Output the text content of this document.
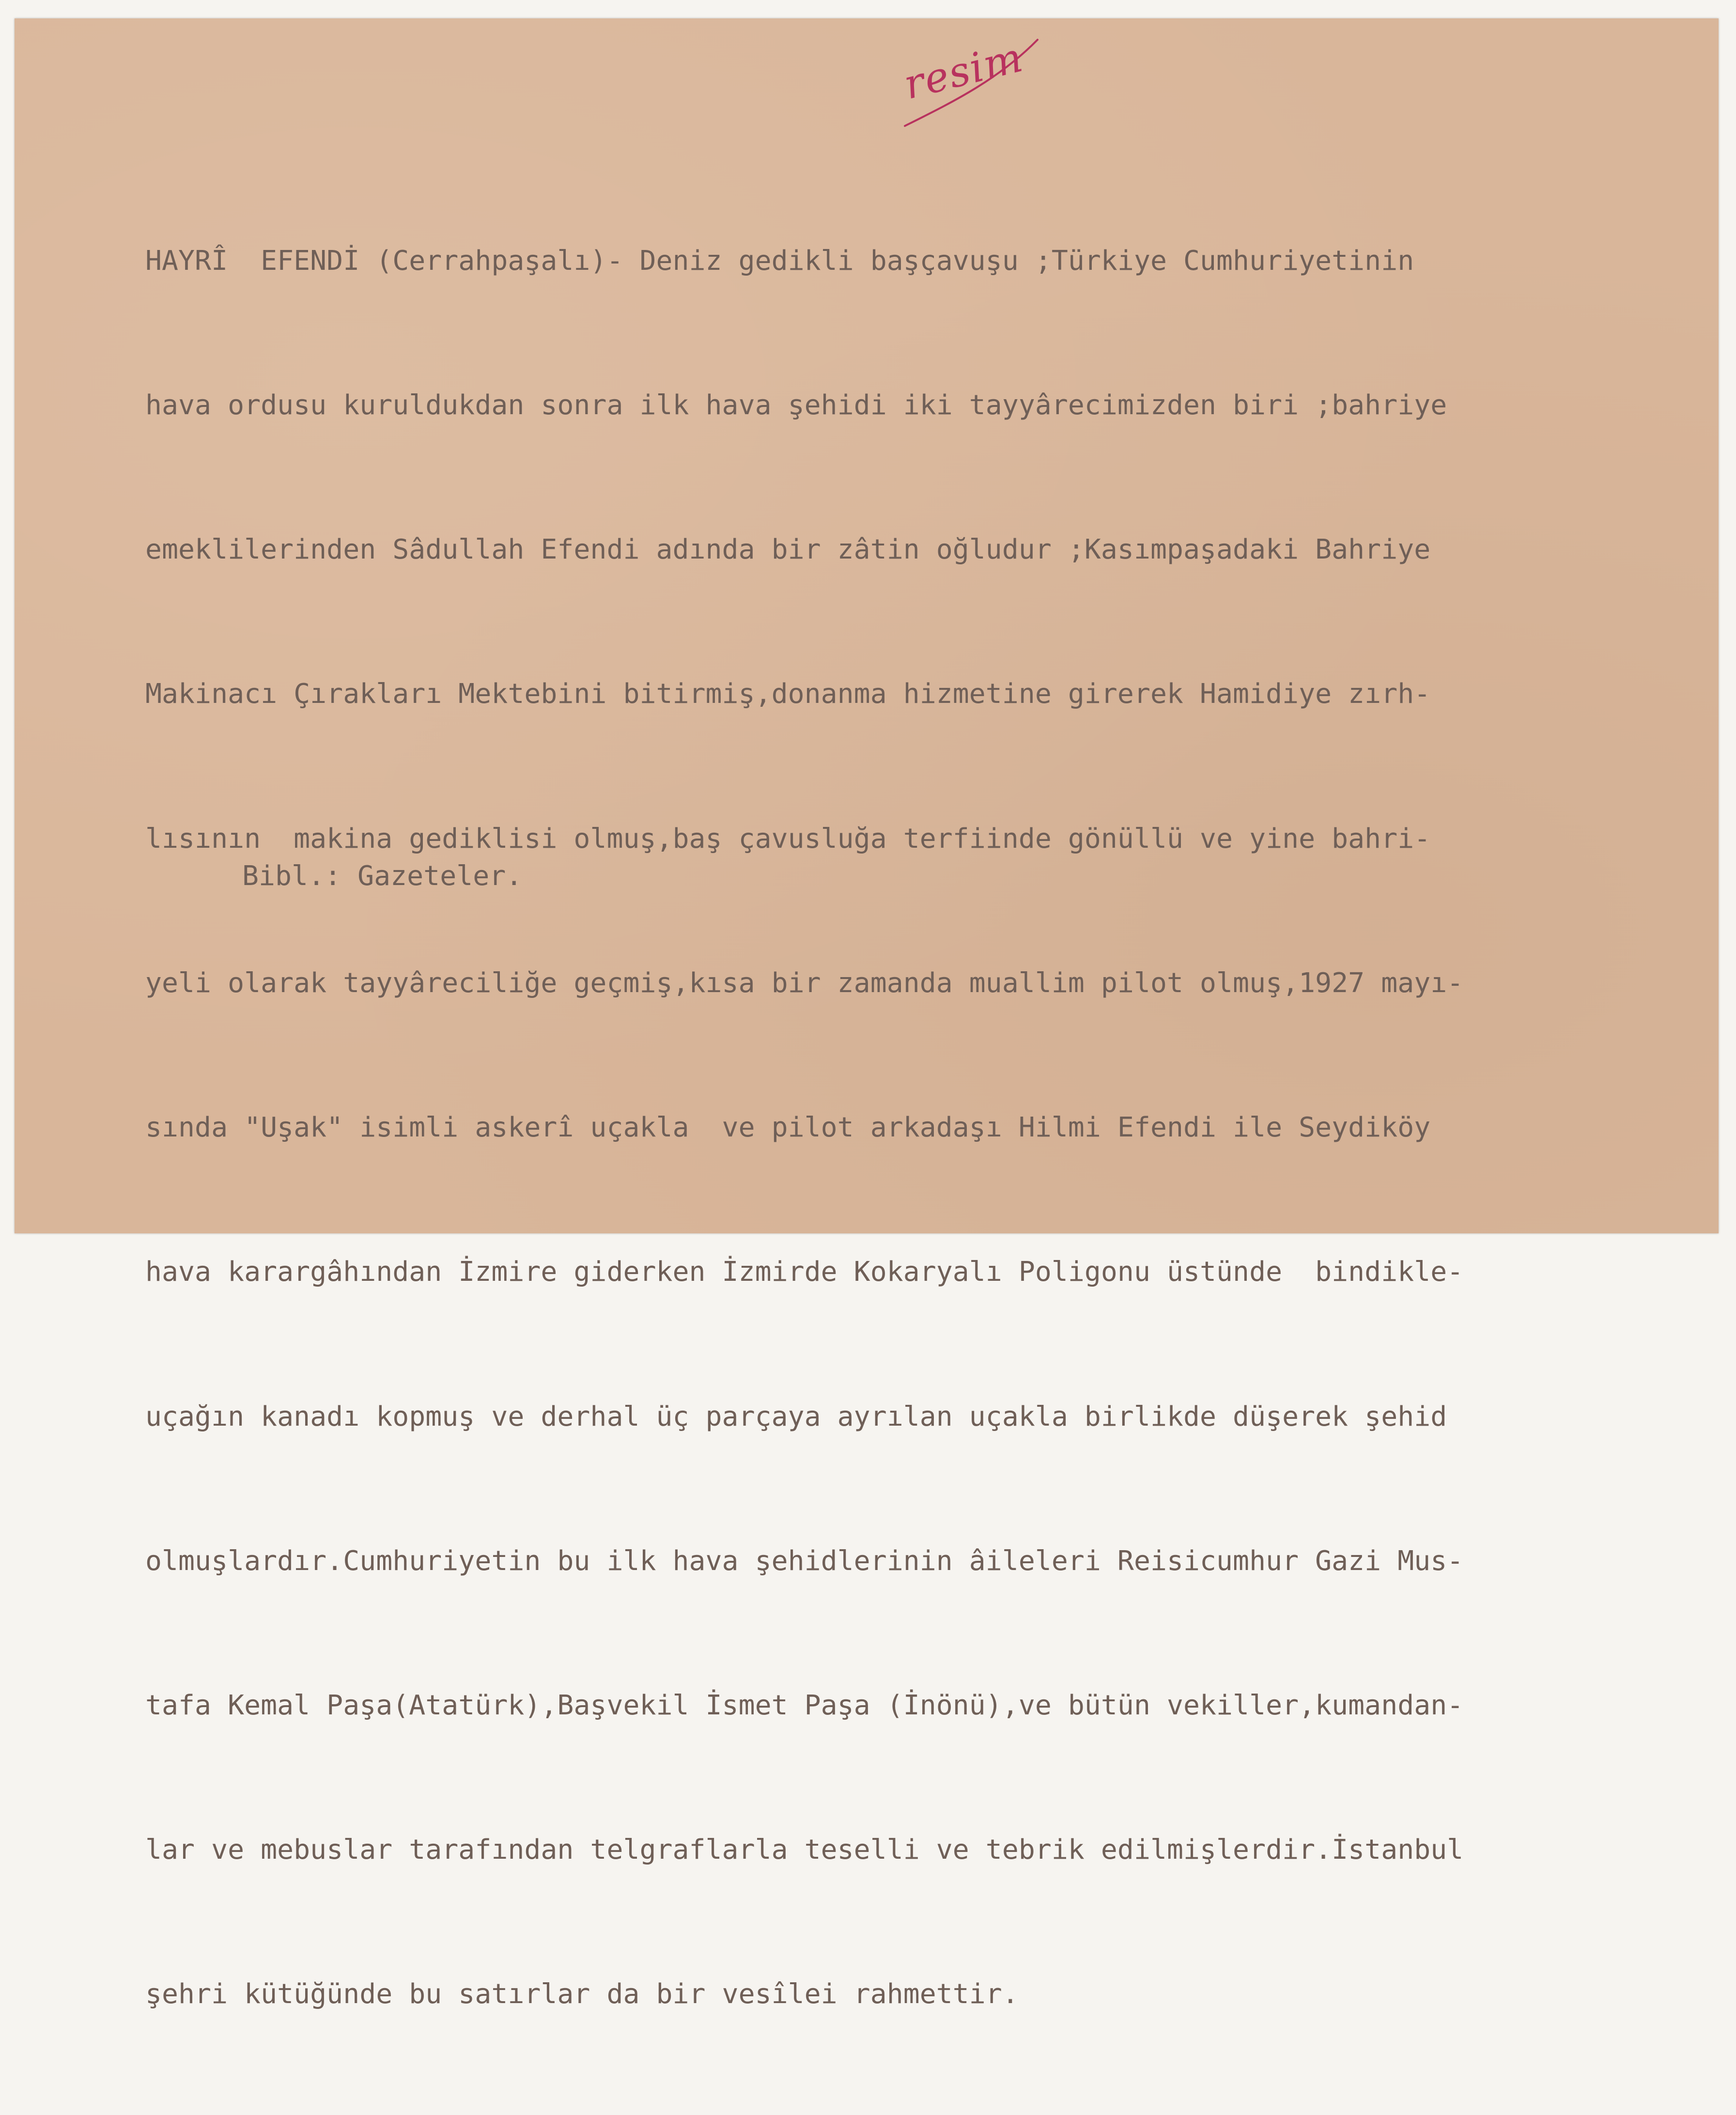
resim

HAYRÎ  EFENDİ (Cerrahpaşalı)- Deniz gedikli başçavuşu ;Türkiye Cumhuriyetinin

hava ordusu kuruldukdan sonra ilk hava şehidi iki tayyârecimizden biri ;bahriye

emeklilerinden Sâdullah Efendi adında bir zâtin oğludur ;Kasımpaşadaki Bahriye

Makinacı Çırakları Mektebini bitirmiş,donanma hizmetine girerek Hamidiye zırh-

lısının  makina gediklisi olmuş,baş çavusluğa terfiinde gönüllü ve yine bahri-

yeli olarak tayyâreciliğe geçmiş,kısa bir zamanda muallim pilot olmuş,1927 mayı-

sında "Uşak" isimli askerî uçakla  ve pilot arkadaşı Hilmi Efendi ile Seydiköy

hava karargâhından İzmire giderken İzmirde Kokaryalı Poligonu üstünde  bindikle-

uçağın kanadı kopmuş ve derhal üç parçaya ayrılan uçakla birlikde düşerek şehid

olmuşlardır.Cumhuriyetin bu ilk hava şehidlerinin âileleri Reisicumhur Gazi Mus-

tafa Kemal Paşa(Atatürk),Başvekil İsmet Paşa (İnönü),ve bütün vekiller,kumandan-

lar ve mebuslar tarafından telgraflarla teselli ve tebrik edilmişlerdir.İstanbul

şehri kütüğünde bu satırlar da bir vesîlei rahmettir.

Bibl.: Gazeteler.
